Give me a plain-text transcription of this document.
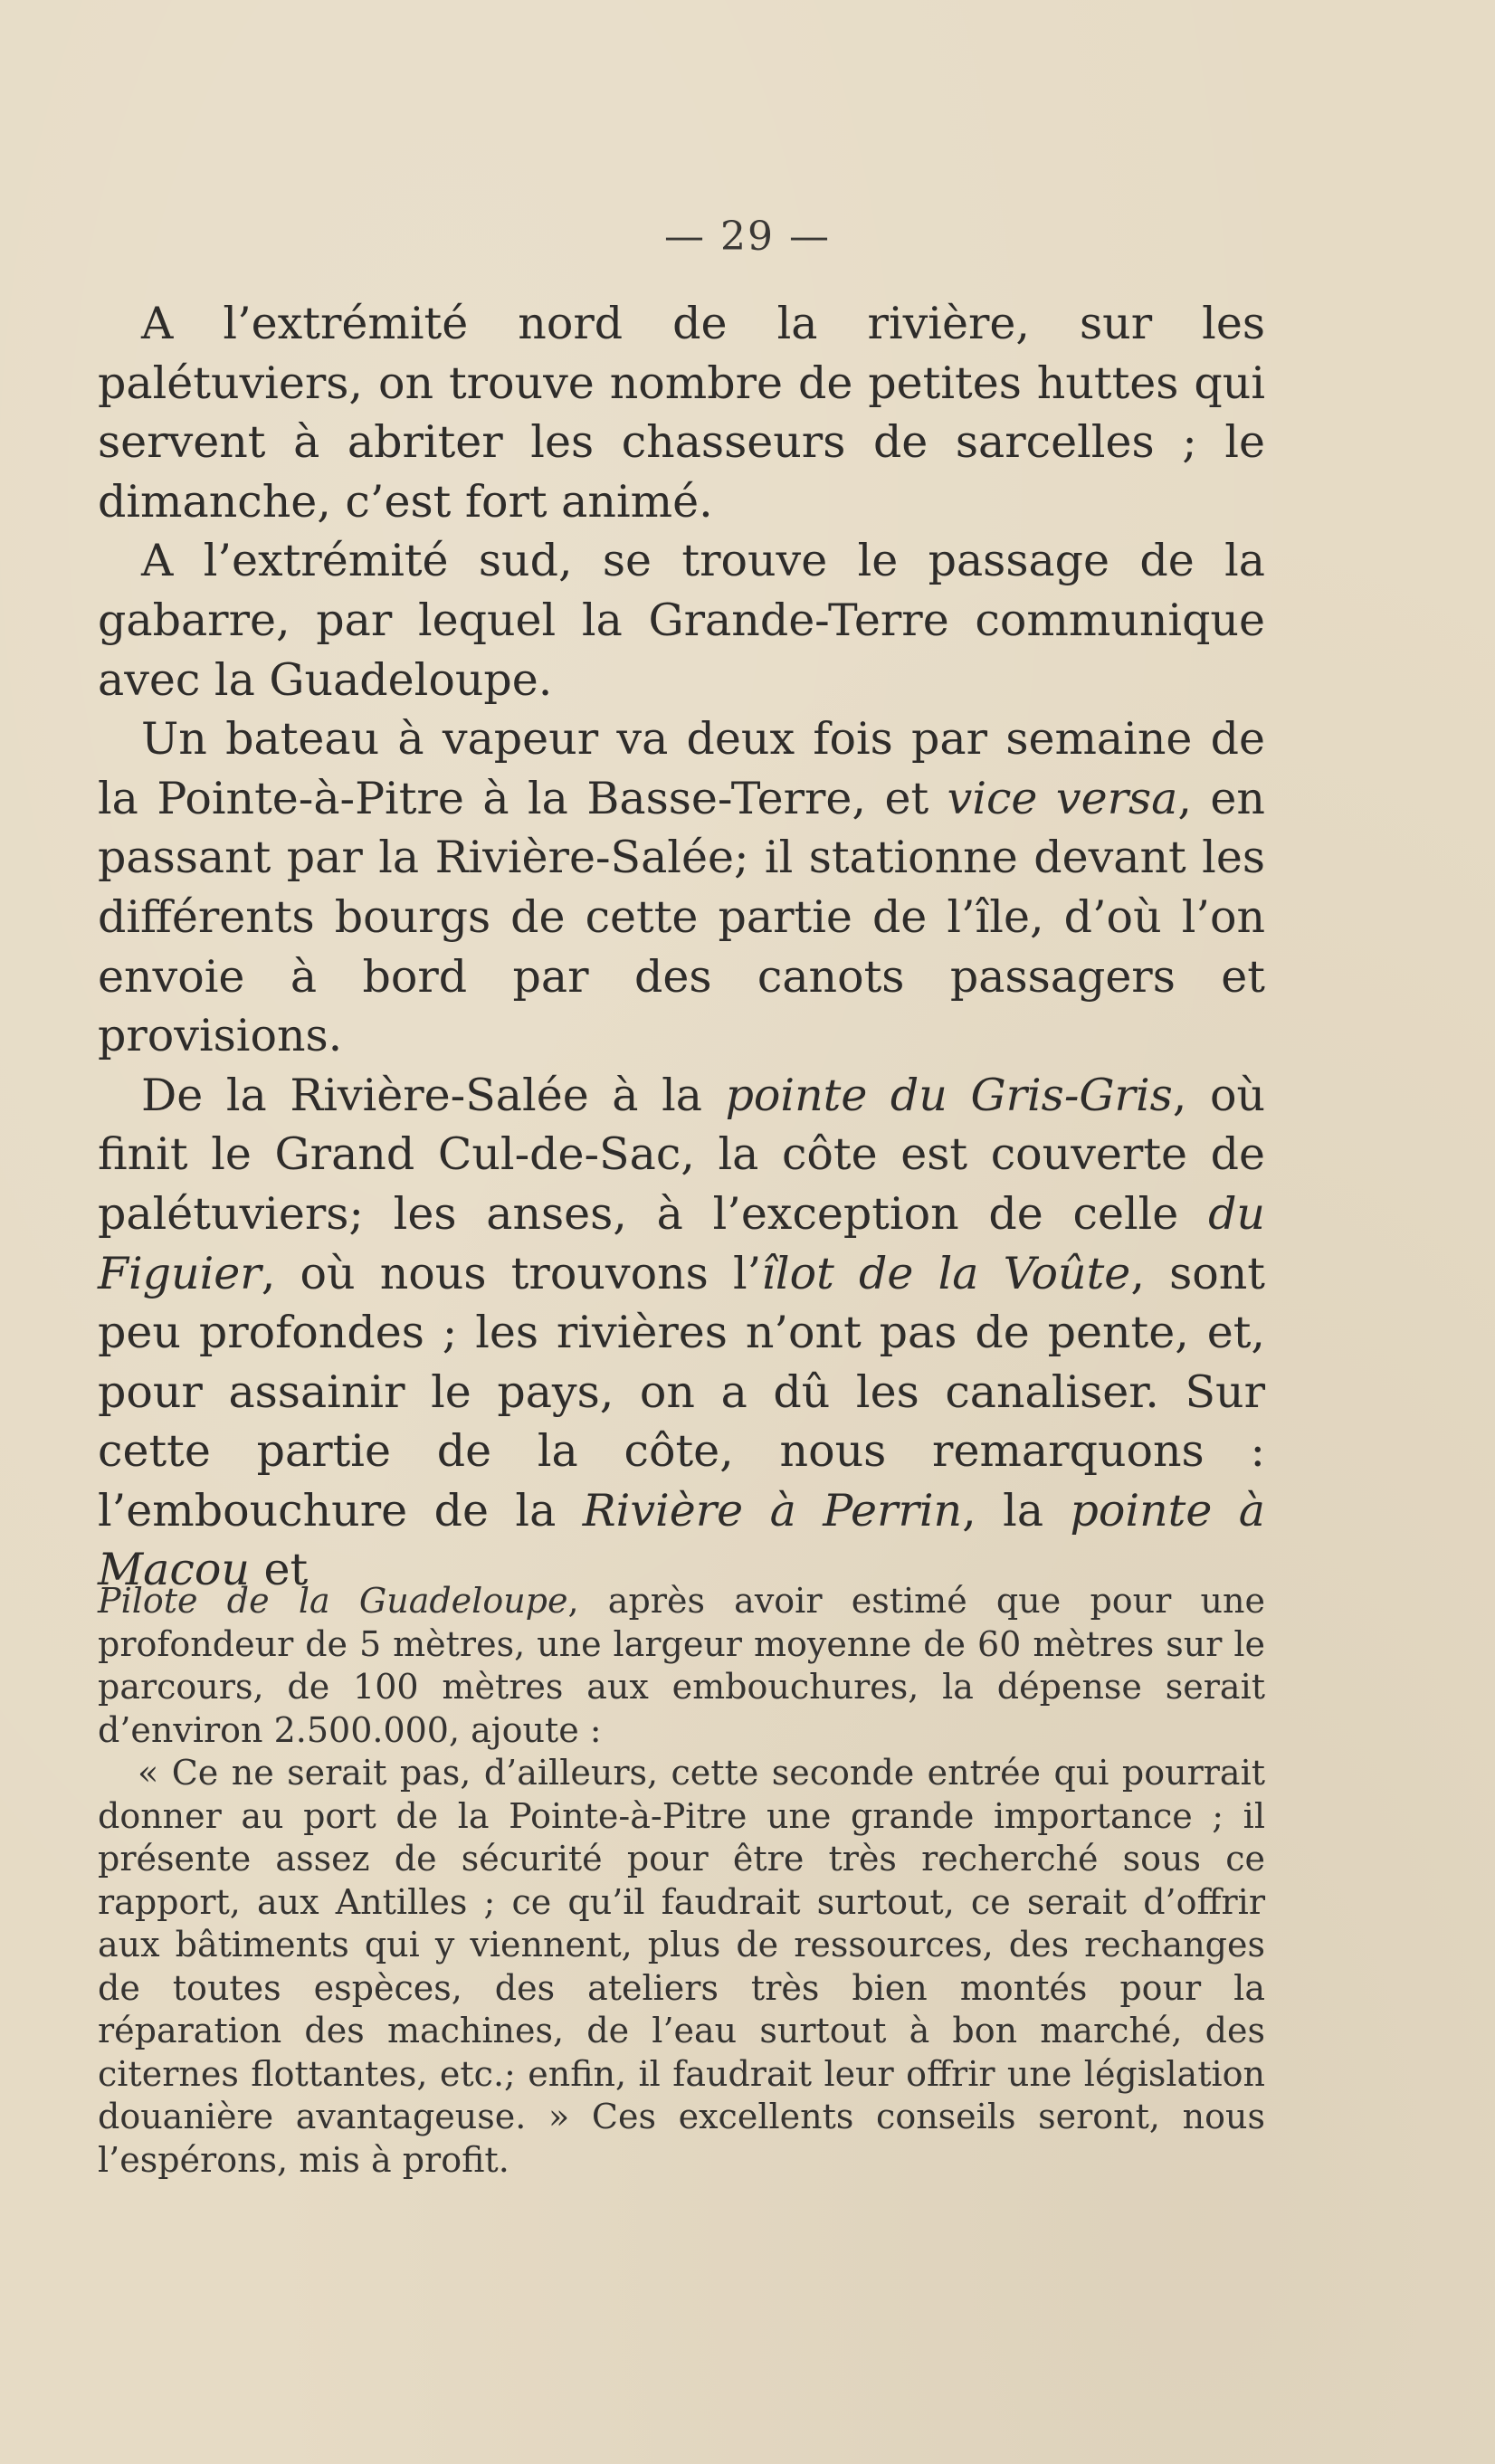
— 29 —

A l’extrémité nord de la rivière, sur les palétuviers, on trouve nombre de petites huttes qui servent à abriter les chasseurs de sarcelles ; le dimanche, c’est fort animé.

A l’extrémité sud, se trouve le passage de la gabarre, par lequel la Grande-Terre communique avec la Guadeloupe.

Un bateau à vapeur va deux fois par semaine de la Pointe-à-Pitre à la Basse-Terre, et vice versa, en passant par la Rivière-Salée; il stationne devant les différents bourgs de cette partie de l’île, d’où l’on envoie à bord par des canots passagers et provisions.

De la Rivière-Salée à la pointe du Gris-Gris, où finit le Grand Cul-de-Sac, la côte est couverte de palétuviers; les anses, à l’exception de celle du Figuier, où nous trouvons l’îlot de la Voûte, sont peu profondes ; les rivières n’ont pas de pente, et, pour assainir le pays, on a dû les canaliser. Sur cette partie de la côte, nous remarquons : l’embouchure de la Rivière à Perrin, la pointe à Macou et

Pilote de la Guadeloupe, après avoir estimé que pour une profondeur de 5 mètres, une largeur moyenne de 60 mètres sur le parcours, de 100 mètres aux embouchures, la dépense serait d’environ 2.500.000, ajoute :

« Ce ne serait pas, d’ailleurs, cette seconde entrée qui pourrait donner au port de la Pointe-à-Pitre une grande importance ; il présente assez de sécurité pour être très recherché sous ce rapport, aux Antilles ; ce qu’il faudrait surtout, ce serait d’offrir aux bâtiments qui y viennent, plus de ressources, des rechanges de toutes espèces, des ateliers très bien montés pour la réparation des machines, de l’eau surtout à bon marché, des citernes flottantes, etc.; enfin, il faudrait leur offrir une législation douanière avantageuse. » Ces excellents conseils seront, nous l’espérons, mis à profit.
